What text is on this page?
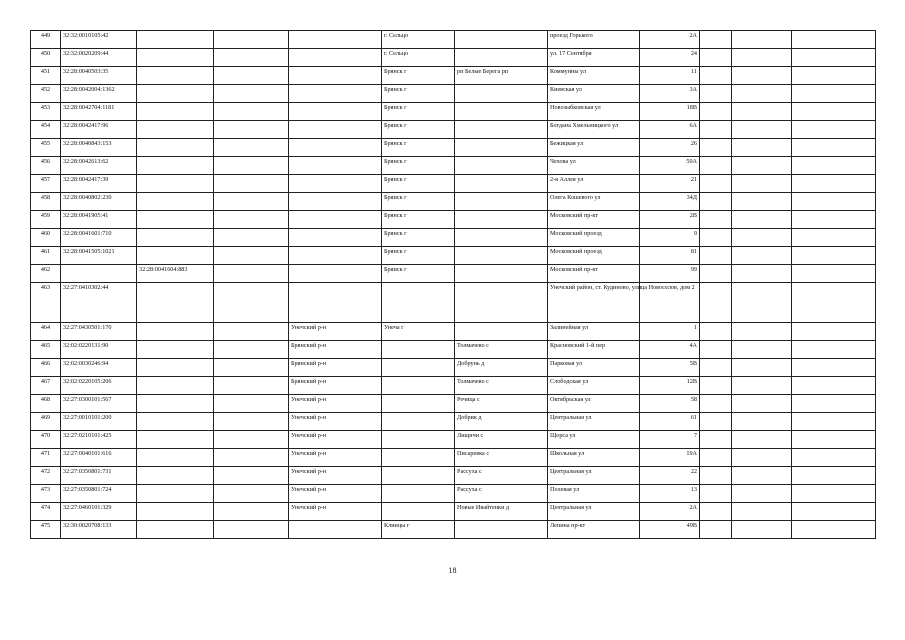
449	32:32:0010105:42				г. Сельцо		проезд Горького	2А			
450	32:32:0020209:44				г. Сельцо		ул. 17 Сентября	24			
451	32:28:0040503:35				Брянск г	рп Белые Берега рп	Коммунны ул	11			
452	32:28:0042004:1362				Брянск г		Киевская ул	3А			
453	32:28:0042704:1181				Брянск г		Новозыбковская ул	18В			
454	32:28:0042417:96				Брянск г		Богдана Хмельницкого ул	6А			
455	32:28:0040843:153				Брянск г		Бежицкая ул	26			
456	32:28:0042613:62				Брянск г		Чехова ул	50А			
457	32:28:0042417:39				Брянск г		2-я Аллея ул	21			
458	32:28:0040802:230				Брянск г		Олега Кошевого ул	34Д			
459	32:28:0041905:41				Брянск г		Московский пр-кт	2В			
460	32:28:0041601:710				Брянск г		Московский проезд	9			
461	32:28:0041505:1021				Брянск г		Московский проезд	81			
462		32:28:0041604:883			Брянск г		Московский пр-кт	99			
463	32:27:0410302:44						Унечский район, ст. Кудиново, улица Новоселов, дом 2				
464	32:27:0430501:170			Унечский р-н	Унеча г		Залинейная ул	1			
465	32:02:0220131:90			Брянский р-н		Толмачево с	Красновский 1-й пер	4А			
466	32:02:0030246:94			Брянский р-н		Добрунь д	Парковая ул	5В			
467	32:02:0220105:206			Брянский р-н		Толмачево с	Слободская ул	12В			
468	32:27:0300101:567			Унечский р-н		Речица с	Октябрьская ул	58			
469	32:27:0010101:200			Унечский р-н		Добрик д	Центральная ул	61			
470	32:27:0210101:425			Унечский р-н		Лищичи с	Щорса ул	7			
471	32:27:0040101:616			Унечский р-н		Писаревка с	Школьная ул	19А			
472	32:27:0350801:731			Унечский р-н		Рассуха с	Центральная ул	22			
473	32:27:0350801:724			Унечский р-н		Рассуха с	Полевая ул	13			
474	32:27:0460101:329			Унечский р-н		Новые Ивайтенки д	Центральная ул	2А			
475	32:30:0020708:133				Клинцы г		Ленина пр-кт	49В			
18
